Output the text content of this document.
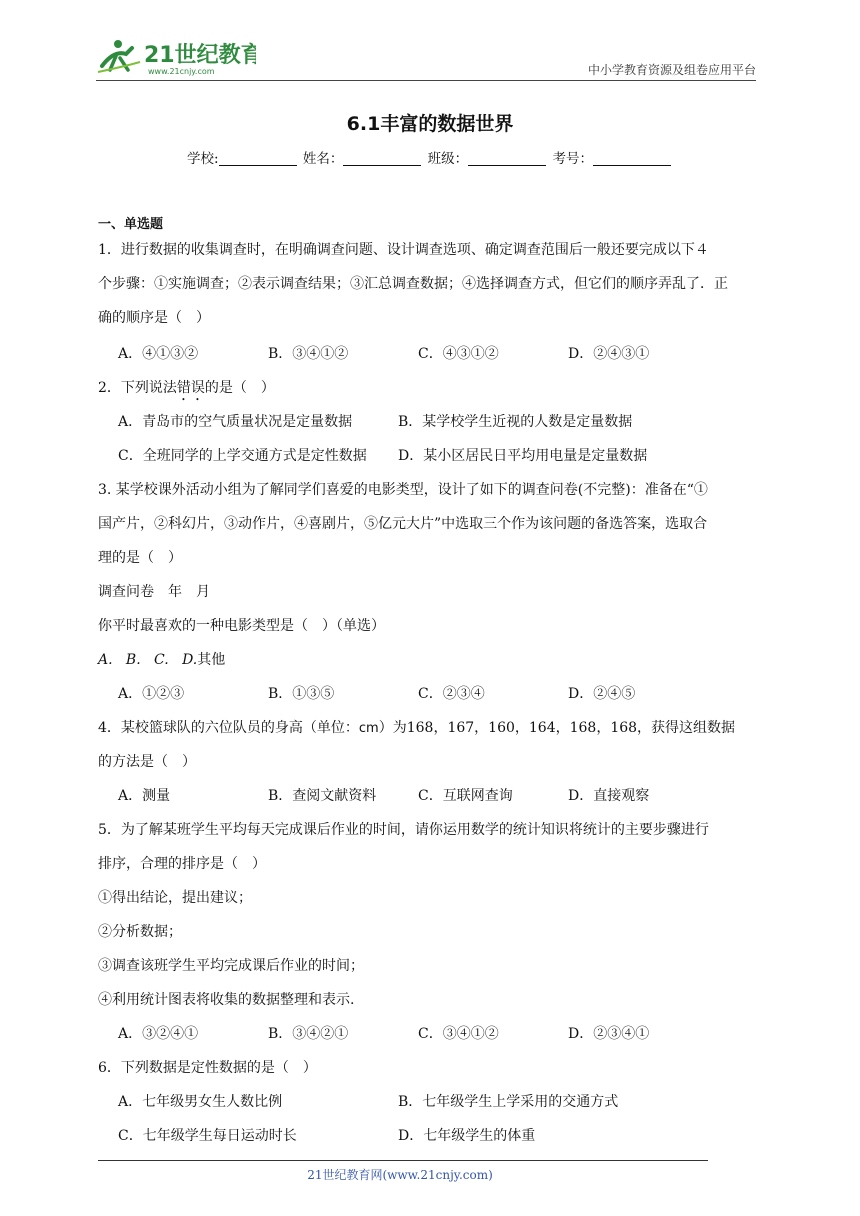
21世纪教育
www.21cnjy.com	中小学教育资源及组卷应用平台
6.1丰富的数据世界
学校:	姓名：	班级：	考号：
一、单选题
1．进行数据的收集调查时，在明确调查问题、设计调查选项、确定调查范围后一般还要完成以下４
个步骤：①实施调查；②表示调查结果；③汇总调查数据；④选择调查方式，但它们的顺序弄乱了．正
确的顺序是（　）
A．④①③②	B．③④①②	C．④③①②	D．②④③①
2．下列说法错误的是（　）
A．青岛市的空气质量状况是定量数据	B．某学校学生近视的人数是定量数据
C．全班同学的上学交通方式是定性数据	D．某小区居民日平均用电量是定量数据
3. 某学校课外活动小组为了解同学们喜爱的电影类型，设计了如下的调查问卷(不完整)：准备在“①
国产片，②科幻片，③动作片，④喜剧片，⑤亿元大片”中选取三个作为该问题的备选答案，选取合
理的是（　）
调查问卷　年　月
你平时最喜欢的一种电影类型是（　）（单选）
A. B. C. D.其他
A．①②③	B．①③⑤	C．②③④	D．②④⑤
4．某校篮球队的六位队员的身高（单位：cm）为168，167，160，164，168，168，获得这组数据
的方法是（　）
A．测量	B．查阅文献资料	C．互联网查询	D．直接观察
5．为了解某班学生平均每天完成课后作业的时间，请你运用数学的统计知识将统计的主要步骤进行
排序，合理的排序是（　）
①得出结论，提出建议；
②分析数据；
③调查该班学生平均完成课后作业的时间；
④利用统计图表将收集的数据整理和表示.
A．③②④①	B．③④②①	C．③④①②	D．②③④①
6．下列数据是定性数据的是（　）
A．七年级男女生人数比例	B．七年级学生上学采用的交通方式
C．七年级学生每日运动时长	D．七年级学生的体重
21世纪教育网(www.21cnjy.com)
